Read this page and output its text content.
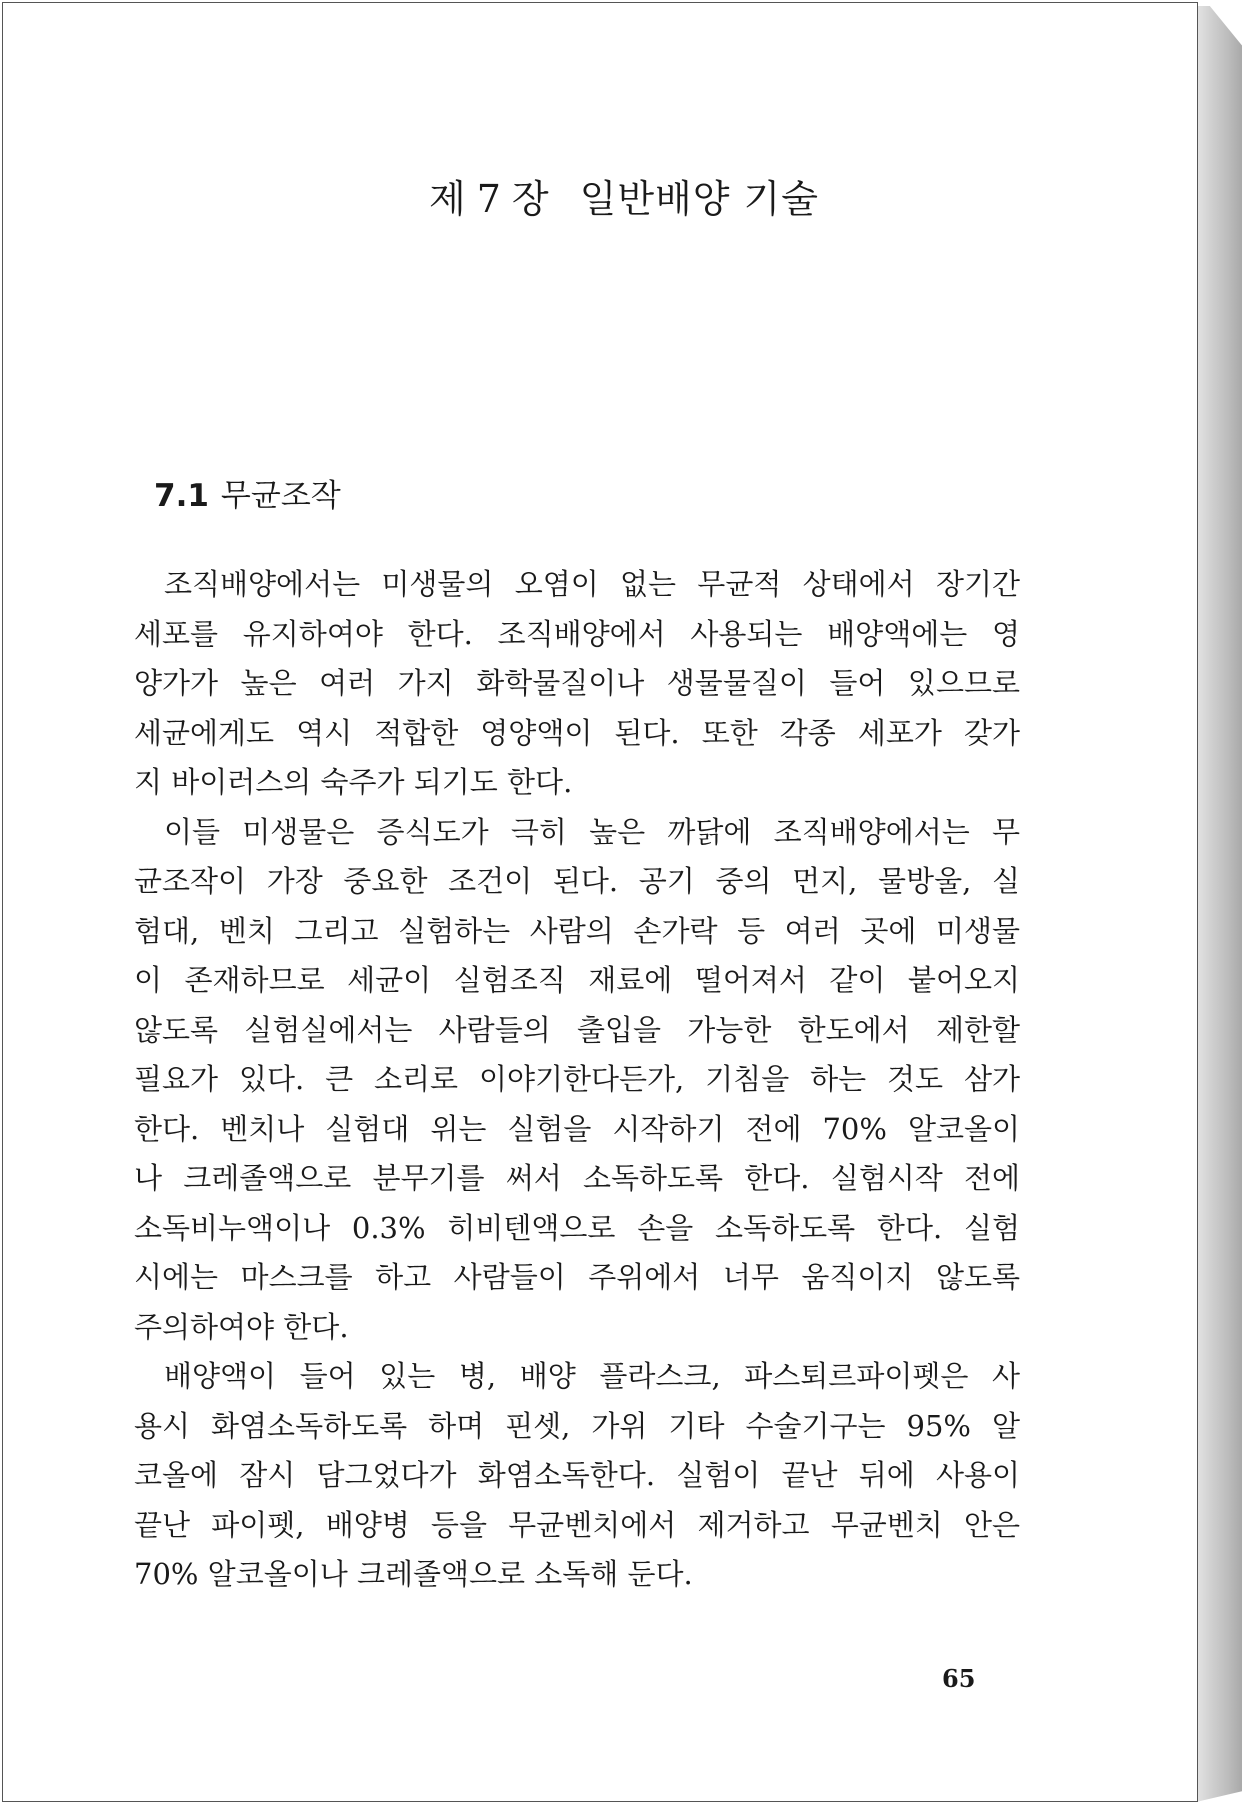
제 7 장 일반배양 기술
7.1 무균조작
조직배양에서는 미생물의 오염이 없는 무균적 상태에서 장기간
세포를 유지하여야 한다. 조직배양에서 사용되는 배양액에는 영
양가가 높은 여러 가지 화학물질이나 생물물질이 들어 있으므로
세균에게도 역시 적합한 영양액이 된다. 또한 각종 세포가 갖가
지 바이러스의 숙주가 되기도 한다.
이들 미생물은 증식도가 극히 높은 까닭에 조직배양에서는 무
균조작이 가장 중요한 조건이 된다. 공기 중의 먼지, 물방울, 실
험대, 벤치 그리고 실험하는 사람의 손가락 등 여러 곳에 미생물
이 존재하므로 세균이 실험조직 재료에 떨어져서 같이 붙어오지
않도록 실험실에서는 사람들의 출입을 가능한 한도에서 제한할
필요가 있다. 큰 소리로 이야기한다든가, 기침을 하는 것도 삼가
한다. 벤치나 실험대 위는 실험을 시작하기 전에 70% 알코올이
나 크레졸액으로 분무기를 써서 소독하도록 한다. 실험시작 전에
소독비누액이나 0.3% 히비텐액으로 손을 소독하도록 한다. 실험
시에는 마스크를 하고 사람들이 주위에서 너무 움직이지 않도록
주의하여야 한다.
배양액이 들어 있는 병, 배양 플라스크, 파스퇴르파이펫은 사
용시 화염소독하도록 하며 핀셋, 가위 기타 수술기구는 95% 알
코올에 잠시 담그었다가 화염소독한다. 실험이 끝난 뒤에 사용이
끝난 파이펫, 배양병 등을 무균벤치에서 제거하고 무균벤치 안은
70% 알코올이나 크레졸액으로 소독해 둔다.
65
